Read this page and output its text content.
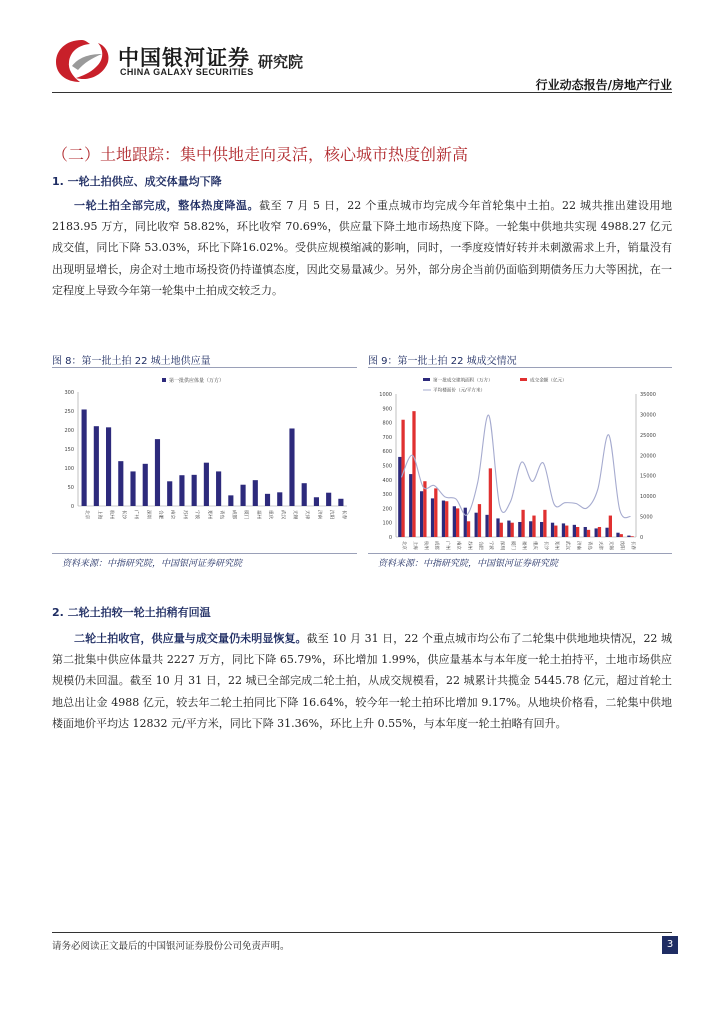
中国银河证券
CHINA GALAXY SECURITIES
研究院
行业动态报告/房地产行业
（二）土地跟踪：集中供地走向灵活，核心城市热度创新高
1. 一轮土拍供应、成交体量均下降
一轮土拍全部完成，整体热度降温。截至 7 月 5 日，22 个重点城市均完成今年首轮集中土拍。22 城共推出建设用地 2183.95 万方，同比收窄 58.82%，环比收窄 70.69%，供应量下降土地市场热度下降。一轮集中供地共实现 4988.27 亿元成交值，同比下降 53.03%，环比下降16.02%。受供应规模缩减的影响，同时，一季度疫情好转并未刺激需求上升，销量没有出现明显增长，房企对土地市场投资仍持谨慎态度，因此交易量减少。另外，部分房企当前仍面临到期债务压力大等困扰，在一定程度上导致今年第一轮集中土拍成交较乏力。
图 8：第一批土拍 22 城土地供应量
0
50
100
150
200
250
300
第一批供应体量（万方）
北京	上海	杭州	长沙	广州	深圳	合肥	南京	苏州	宁波	郑州	青岛	成都	厦门	福州	重庆	武汉	无锡	天津	济南	沈阳	长春
资料来源：中指研究院，中国银河证券研究院
图 9：第一批土拍 22 城成交情况
0
100
200
300
400
500
600
700
800
900
1000
0
5000
10000
15000
20000
25000
30000
35000
第一批成交建筑面积（万方）	成交金额（亿元）
平均楼面价（元/平方米）
北京	上海	杭州	成都	广州	南京	苏州	合肥	宁波	深圳	厦门	福州	重庆	长沙	郑州	武汉	济南	青岛	天津	无锡	沈阳	长春
资料来源：中指研究院，中国银河证券研究院
2. 二轮土拍较一轮土拍稍有回温
二轮土拍收官，供应量与成交量仍未明显恢复。截至 10 月 31 日，22 个重点城市均公布了二轮集中供地地块情况，22 城第二批集中供应体量共 2227 万方，同比下降 65.79%，环比增加 1.99%，供应量基本与本年度一轮土拍持平，土地市场供应规模仍未回温。截至 10 月 31 日，22 城已全部完成二轮土拍，从成交规模看，22 城累计共揽金 5445.78 亿元，超过首轮土地总出让金 4988 亿元，较去年二轮土拍同比下降 16.64%，较今年一轮土拍环比增加 9.17%。从地块价格看，二轮集中供地楼面地价平均达 12832 元/平方米，同比下降 31.36%，环比上升 0.55%，与本年度一轮土拍略有回升。
请务必阅读正文最后的中国银河证券股份公司免责声明。	3
